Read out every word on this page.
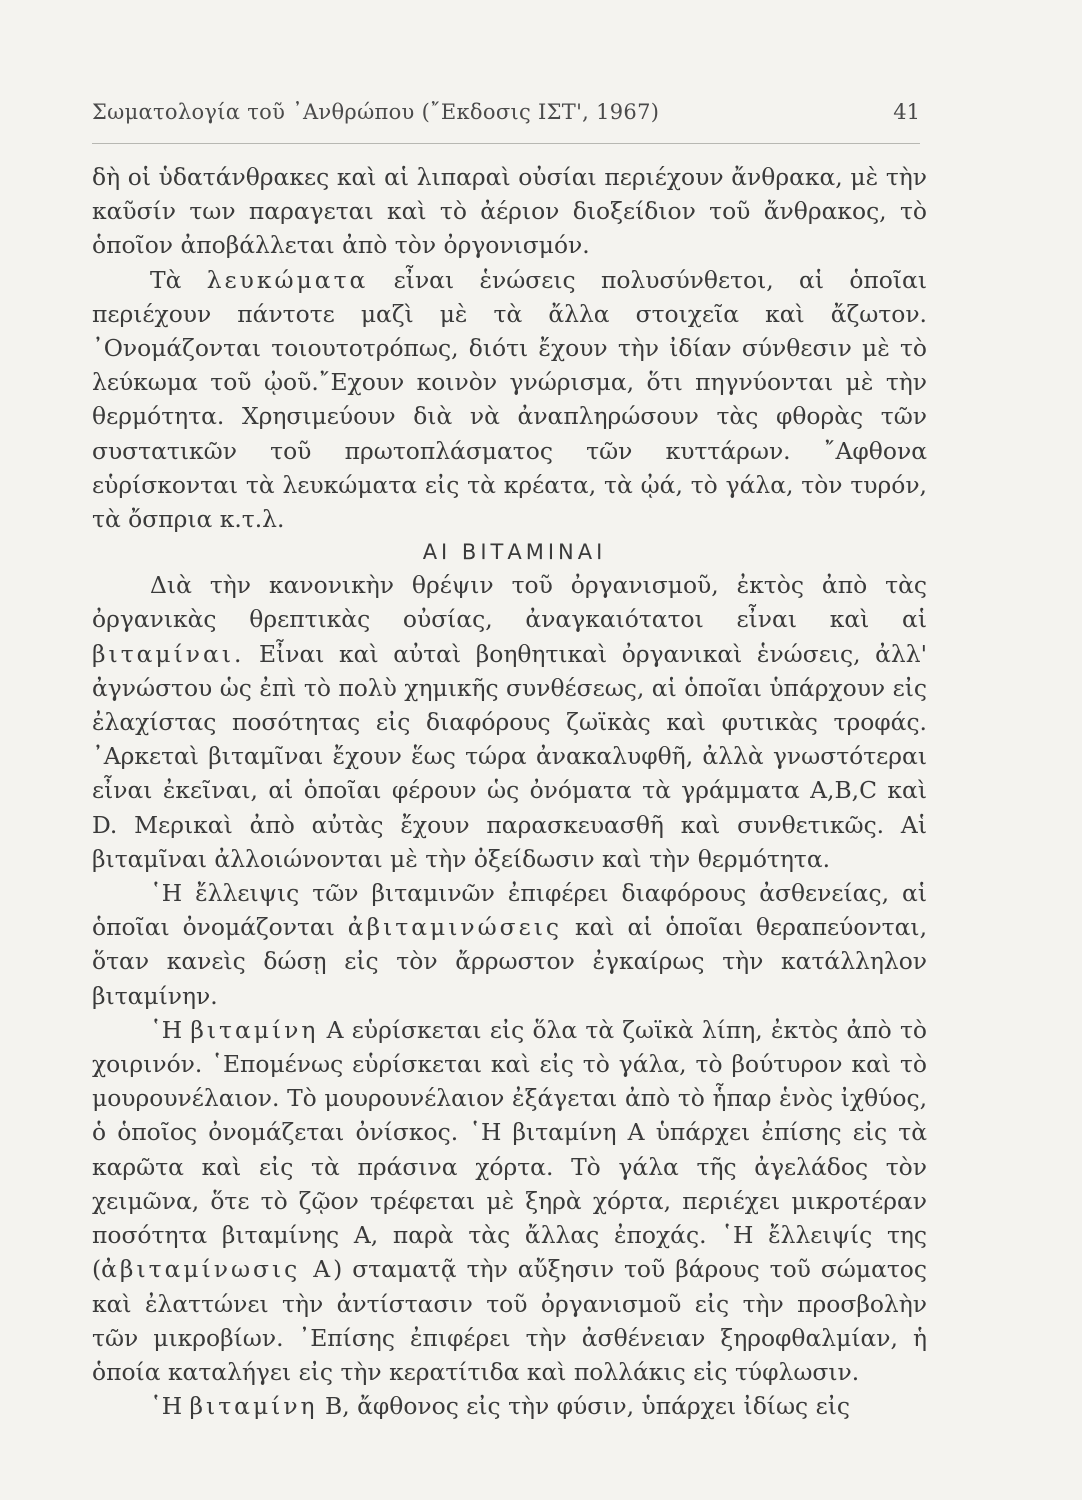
Σωματολογία τοῦ ᾿Ανθρώπου (῎Εκδοσις ΙΣΤ', 1967)	41

δὴ οἱ ὑδατάνθρακες καὶ αἱ λιπαραὶ οὐσίαι περιέχουν ἄνθρακα, μὲ τὴν καῦσίν των παραγεται καὶ τὸ ἀέριον διοξείδιον τοῦ ἄνθρακος, τὸ ὁποῖον ἀποβάλλεται ἀπὸ τὸν ὀργονισμόν.

Τὰ λευκώματα εἶναι ἑνώσεις πολυσύνθετοι, αἱ ὁποῖαι περιέχουν πάντοτε μαζὶ μὲ τὰ ἄλλα στοιχεῖα καὶ ἄζωτον. ᾿Ονομάζονται τοιουτοτρόπως, διότι ἔχουν τὴν ἰδίαν σύνθεσιν μὲ τὸ λεύκωμα τοῦ ᾠοῦ.῎Εχουν κοινὸν γνώρισμα, ὅτι πηγνύονται μὲ τὴν θερμότητα. Χρησιμεύουν διὰ νὰ ἀναπληρώσουν τὰς φθορὰς τῶν συστατικῶν τοῦ πρωτοπλάσματος τῶν κυττάρων. ῎Αφθονα εὑρίσκονται τὰ λευκώματα εἰς τὰ κρέατα, τὰ ᾠά, τὸ γάλα, τὸν τυρόν, τὰ ὄσπρια κ.τ.λ.

ΑΙ ΒΙΤΑΜΙΝΑΙ

Διὰ τὴν κανονικὴν θρέψιν τοῦ ὀργανισμοῦ, ἐκτὸς ἀπὸ τὰς ὀργανικὰς θρεπτικὰς οὐσίας, ἀναγκαιότατοι εἶναι καὶ αἱ βιταμίναι. Εἶναι καὶ αὐταὶ βοηθητικαὶ ὀργανικαὶ ἑνώσεις, ἀλλ' ἀγνώστου ὡς ἐπὶ τὸ πολὺ χημικῆς συνθέσεως, αἱ ὁποῖαι ὑπάρχουν εἰς ἐλαχίστας ποσότητας εἰς διαφόρους ζωϊκὰς καὶ φυτικὰς τροφάς. ᾿Αρκεταὶ βιταμῖναι ἔχουν ἕως τώρα ἀνακαλυφθῆ, ἀλλὰ γνωστότεραι εἶναι ἐκεῖναι, αἱ ὁποῖαι φέρουν ὡς ὀνόματα τὰ γράμματα A,B,C καὶ D. Μερικαὶ ἀπὸ αὐτὰς ἔχουν παρασκευασθῆ καὶ συνθετικῶς. Αἱ βιταμῖναι ἀλλοιώνονται μὲ τὴν ὀξείδωσιν καὶ τὴν θερμότητα.

῾Η ἔλλειψις τῶν βιταμινῶν ἐπιφέρει διαφόρους ἀσθενείας, αἱ ὁποῖαι ὀνομάζονται ἀβιταμινώσεις καὶ αἱ ὁποῖαι θεραπεύονται, ὅταν κανεὶς δώσῃ εἰς τὸν ἄρρωστον ἐγκαίρως τὴν κατάλληλον βιταμίνην.

῾Η βιταμίνη A εὑρίσκεται εἰς ὅλα τὰ ζωϊκὰ λίπη, ἐκτὸς ἀπὸ τὸ χοιρινόν. ῾Επομένως εὑρίσκεται καὶ εἰς τὸ γάλα, τὸ βούτυρον καὶ τὸ μουρουνέλαιον. Τὸ μουρουνέλαιον ἐξάγεται ἀπὸ τὸ ἧπαρ ἑνὸς ἰχθύος, ὁ ὁποῖος ὀνομάζεται ὀνίσκος. ῾Η βιταμίνη A ὑπάρχει ἐπίσης εἰς τὰ καρῶτα καὶ εἰς τὰ πράσινα χόρτα. Τὸ γάλα τῆς ἀγελάδος τὸν χειμῶνα, ὅτε τὸ ζῷον τρέφεται μὲ ξηρὰ χόρτα, περιέχει μικροτέραν ποσότητα βιταμίνης A, παρὰ τὰς ἄλλας ἐποχάς. ῾Η ἔλλειψίς της (ἀβιταμίνωσις A) σταματᾷ τὴν αὔξησιν τοῦ βάρους τοῦ σώματος καὶ ἐλαττώνει τὴν ἀντίστασιν τοῦ ὀργανισμοῦ εἰς τὴν προσβολὴν τῶν μικροβίων. ᾿Επίσης ἐπιφέρει τὴν ἀσθένειαν ξηροφθαλμίαν, ἡ ὁποία καταλήγει εἰς τὴν κερατίτιδα καὶ πολλάκις εἰς τύφλωσιν.

῾Η βιταμίνη B, ἄφθονος εἰς τὴν φύσιν, ὑπάρχει ἰδίως εἰς
